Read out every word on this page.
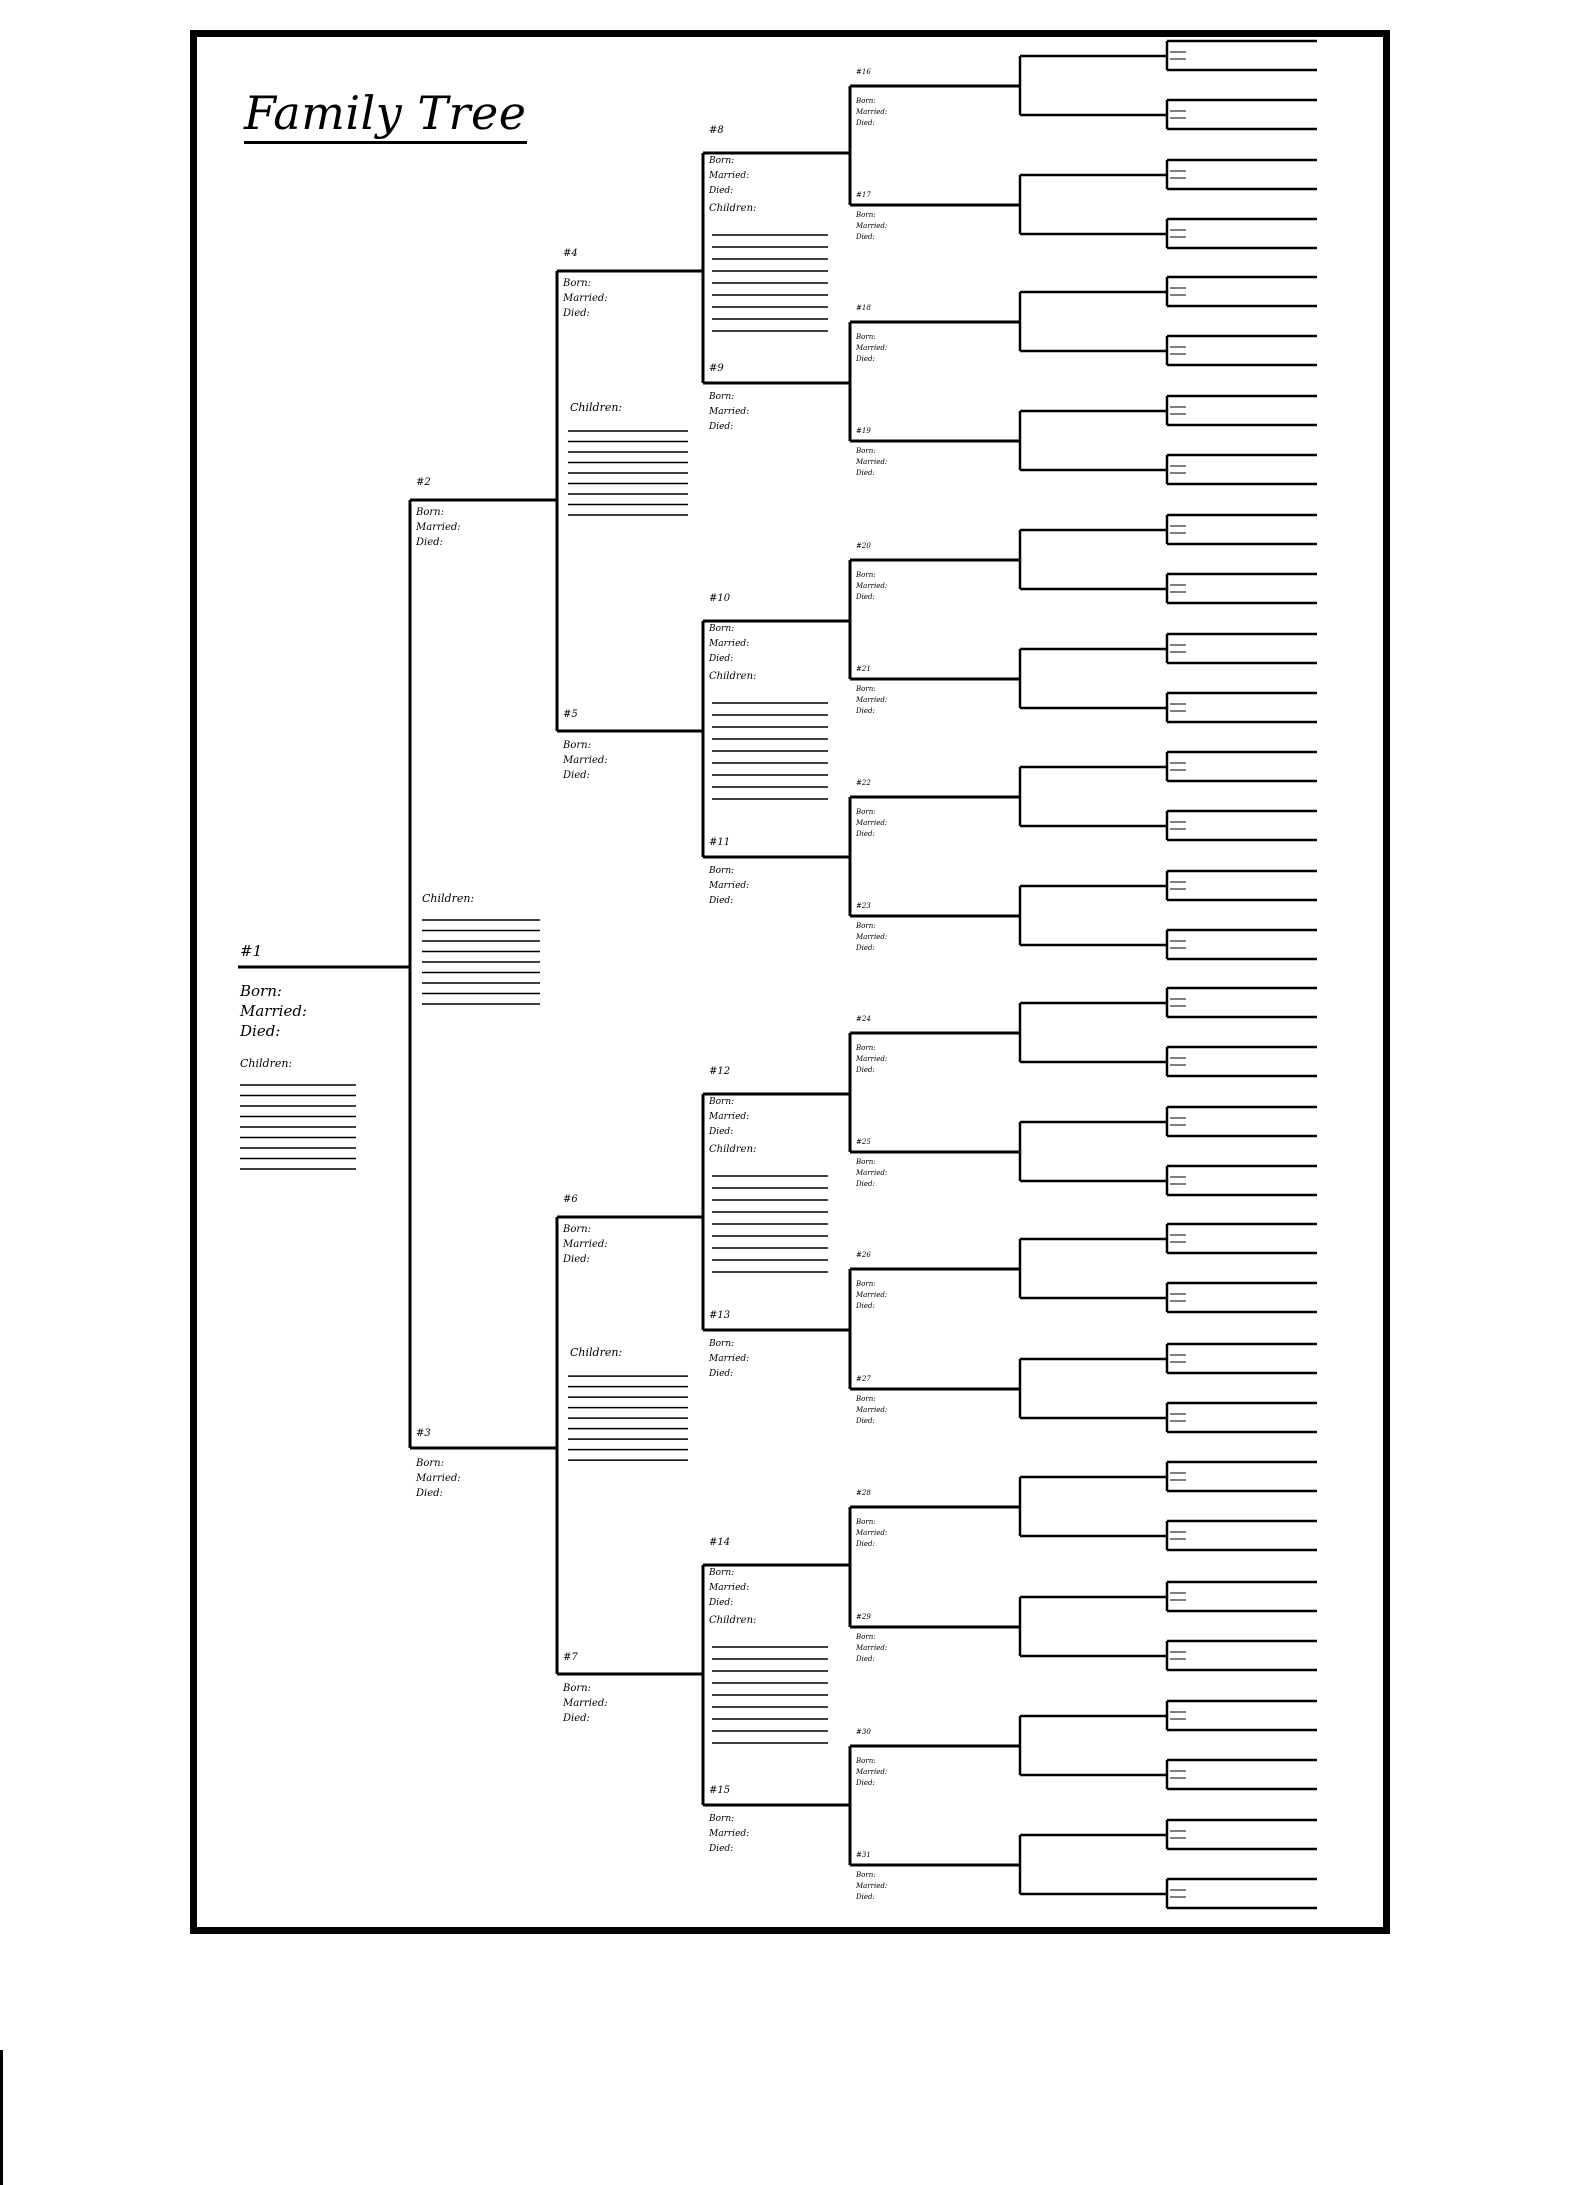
Family Tree
#1
Born:
Married:
Died:
Children:
#2
Born:
Married:
Died:
#3
Born:
Married:
Died:
Children:
#4
Born:
Married:
Died:
#5
Born:
Married:
Died:
Children:
#6
Born:
Married:
Died:
#7
Born:
Married:
Died:
Children:
#8
Born:
Married:
Died:
Children:
#9
Born:
Married:
Died:
#10
Born:
Married:
Died:
Children:
#11
Born:
Married:
Died:
#12
Born:
Married:
Died:
Children:
#13
Born:
Married:
Died:
#14
Born:
Married:
Died:
Children:
#15
Born:
Married:
Died:
#16
Born:
Married:
Died:
#17
Born:
Married:
Died:
#18
Born:
Married:
Died:
#19
Born:
Married:
Died:
#20
Born:
Married:
Died:
#21
Born:
Married:
Died:
#22
Born:
Married:
Died:
#23
Born:
Married:
Died:
#24
Born:
Married:
Died:
#25
Born:
Married:
Died:
#26
Born:
Married:
Died:
#27
Born:
Married:
Died:
#28
Born:
Married:
Died:
#29
Born:
Married:
Died:
#30
Born:
Married:
Died:
#31
Born:
Married:
Died:
